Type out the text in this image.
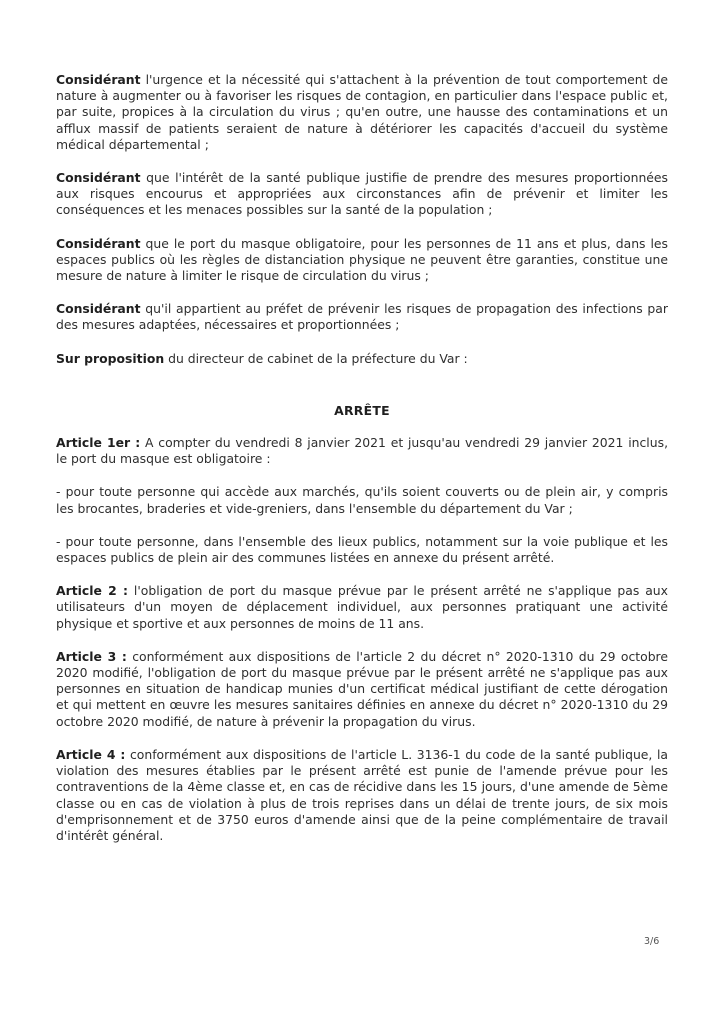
Considérant l'urgence et la nécessité qui s'attachent à la prévention de tout comportement de nature à augmenter ou à favoriser les risques de contagion, en particulier dans l'espace public et, par suite, propices à la circulation du virus ; qu'en outre, une hausse des contaminations et un afflux massif de patients seraient de nature à détériorer les capacités d'accueil du système médical départemental ;

Considérant que l'intérêt de la santé publique justifie de prendre des mesures proportionnées aux risques encourus et appropriées aux circonstances afin de prévenir et limiter les conséquences et les menaces possibles sur la santé de la population ;

Considérant que le port du masque obligatoire, pour les personnes de 11 ans et plus, dans les espaces publics où les règles de distanciation physique ne peuvent être garanties, constitue une mesure de nature à limiter le risque de circulation du virus ;

Considérant qu'il appartient au préfet de prévenir les risques de propagation des infections par des mesures adaptées, nécessaires et proportionnées ;

Sur proposition du directeur de cabinet de la préfecture du Var :

ARRÊTE

Article 1er : A compter du vendredi 8 janvier 2021 et jusqu'au vendredi 29 janvier 2021 inclus, le port du masque est obligatoire :

- pour toute personne qui accède aux marchés, qu'ils soient couverts ou de plein air, y compris les brocantes, braderies et vide-greniers, dans l'ensemble du département du Var ;

- pour toute personne, dans l'ensemble des lieux publics, notamment sur la voie publique et les espaces publics de plein air des communes listées en annexe du présent arrêté.

Article 2 : l'obligation de port du masque prévue par le présent arrêté ne s'applique pas aux utilisateurs d'un moyen de déplacement individuel, aux personnes pratiquant une activité physique et sportive et aux personnes de moins de 11 ans.

Article 3 : conformément aux dispositions de l'article 2 du décret n° 2020-1310 du 29 octobre 2020 modifié, l'obligation de port du masque prévue par le présent arrêté ne s'applique pas aux personnes en situation de handicap munies d'un certificat médical justifiant de cette dérogation et qui mettent en œuvre les mesures sanitaires définies en annexe du décret n° 2020-1310 du 29 octobre 2020 modifié, de nature à prévenir la propagation du virus.

Article 4 : conformément aux dispositions de l'article L. 3136-1 du code de la santé publique, la violation des mesures établies par le présent arrêté est punie de l'amende prévue pour les contraventions de la 4ème classe et, en cas de récidive dans les 15 jours, d'une amende de 5ème classe ou en cas de violation à plus de trois reprises dans un délai de trente jours, de six mois d'emprisonnement et de 3750 euros d'amende ainsi que de la peine complémentaire de travail d'intérêt général.

3/6
